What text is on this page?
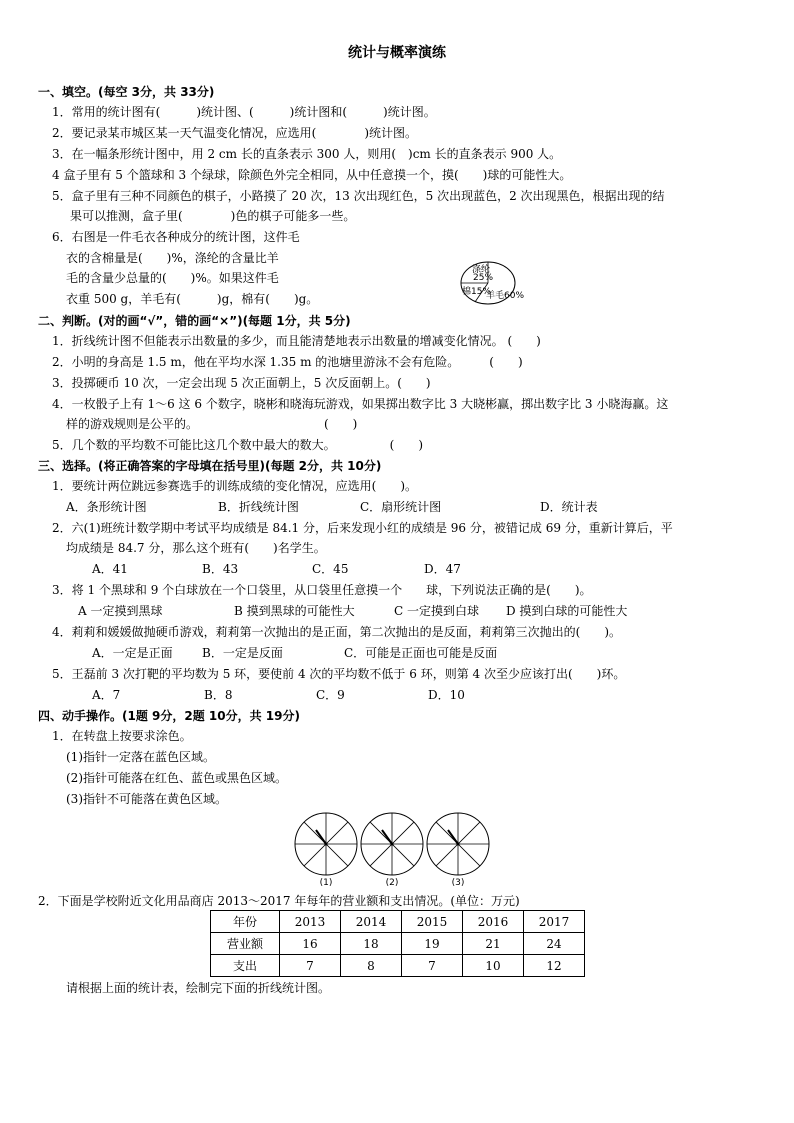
统计与概率演练
一、填空。(每空 3分，共 33分)
1．常用的统计图有(　　　)统计图、(　　　)统计图和(　　　)统计图。
2．要记录某市城区某一天气温变化情况，应选用(　　　　)统计图。
3．在一幅条形统计图中，用 2 cm 长的直条表示 300 人，则用(　)cm 长的直条表示 900 人。
4 盒子里有 5 个篮球和 3 个绿球，除颜色外完全相同，从中任意摸一个，摸(　　)球的可能性大。
5．盒子里有三种不同颜色的棋子，小路摸了 20 次，13 次出现红色，5 次出现蓝色，2 次出现黑色，根据出现的结
果可以推测，盒子里(　　　　)色的棋子可能多一些。
6．右图是一件毛衣各种成分的统计图，这件毛
衣的含棉量是(　　)%，涤纶的含量比羊
毛的含量少总量的(　　)%。如果这件毛
衣重 500 g，羊毛有(　　　)g，棉有(　　)g。
涤纶
25%
棉15%
羊毛60%
二、判断。(对的画“√”，错的画“×”)(每题 1分，共 5分)
1．折线统计图不但能表示出数量的多少，而且能清楚地表示出数量的增减变化情况。 (　　)
2．小明的身高是 1.5 m，他在平均水深 1.35 m 的池塘里游泳不会有危险。　　　(　　)
3．投掷硬币 10 次，一定会出现 5 次正面朝上，5 次反面朝上。(　　)
4．一枚骰子上有 1～6 这 6 个数字，晓彬和晓海玩游戏，如果掷出数字比 3 大晓彬赢，掷出数字比 3 小晓海赢。这
样的游戏规则是公平的。　　　　　　　　　　　(　　)
5．几个数的平均数不可能比这几个数中最大的数大。　　　　　(　　)
三、选择。(将正确答案的字母填在括号里)(每题 2分，共 10分)
1．要统计两位跳远参赛选手的训练成绩的变化情况，应选用(　　)。
A．条形统计图	B．折线统计图	C．扇形统计图	D．统计表
2．六(1)班统计数学期中考试平均成绩是 84.1 分，后来发现小红的成绩是 96 分，被错记成 69 分，重新计算后，平
均成绩是 84.7 分，那么这个班有(　　)名学生。
A．41	B．43	C．45	D．47
3．将 1 个黑球和 9 个白球放在一个口袋里，从口袋里任意摸一个　　球，下列说法正确的是(　　)。
A 一定摸到黑球	B 摸到黑球的可能性大	C 一定摸到白球 D 摸到白球的可能性大
4．莉莉和媛媛做抛硬币游戏，莉莉第一次抛出的是正面，第二次抛出的是反面，莉莉第三次抛出的(　　)。
A．一定是正面 B．一定是反面	C．可能是正面也可能是反面
5．王磊前 3 次打靶的平均数为 5 环，要使前 4 次的平均数不低于 6 环，则第 4 次至少应该打出(　　)环。
A．7	B．8	C．9	D．10
四、动手操作。(1题 9分，2题 10分，共 19分)
1．在转盘上按要求涂色。
(1)指针一定落在蓝色区域。
(2)指针可能落在红色、蓝色或黑色区域。
(3)指针不可能落在黄色区域。
(1)	(2)	(3)
2．下面是学校附近文化用品商店 2013～2017 年每年的营业额和支出情况。(单位：万元)
年份	2013	2014	2015	2016	2017
营业额	16	18	19	21	24
支出	7	8	7	10	12
请根据上面的统计表，绘制完下面的折线统计图。
